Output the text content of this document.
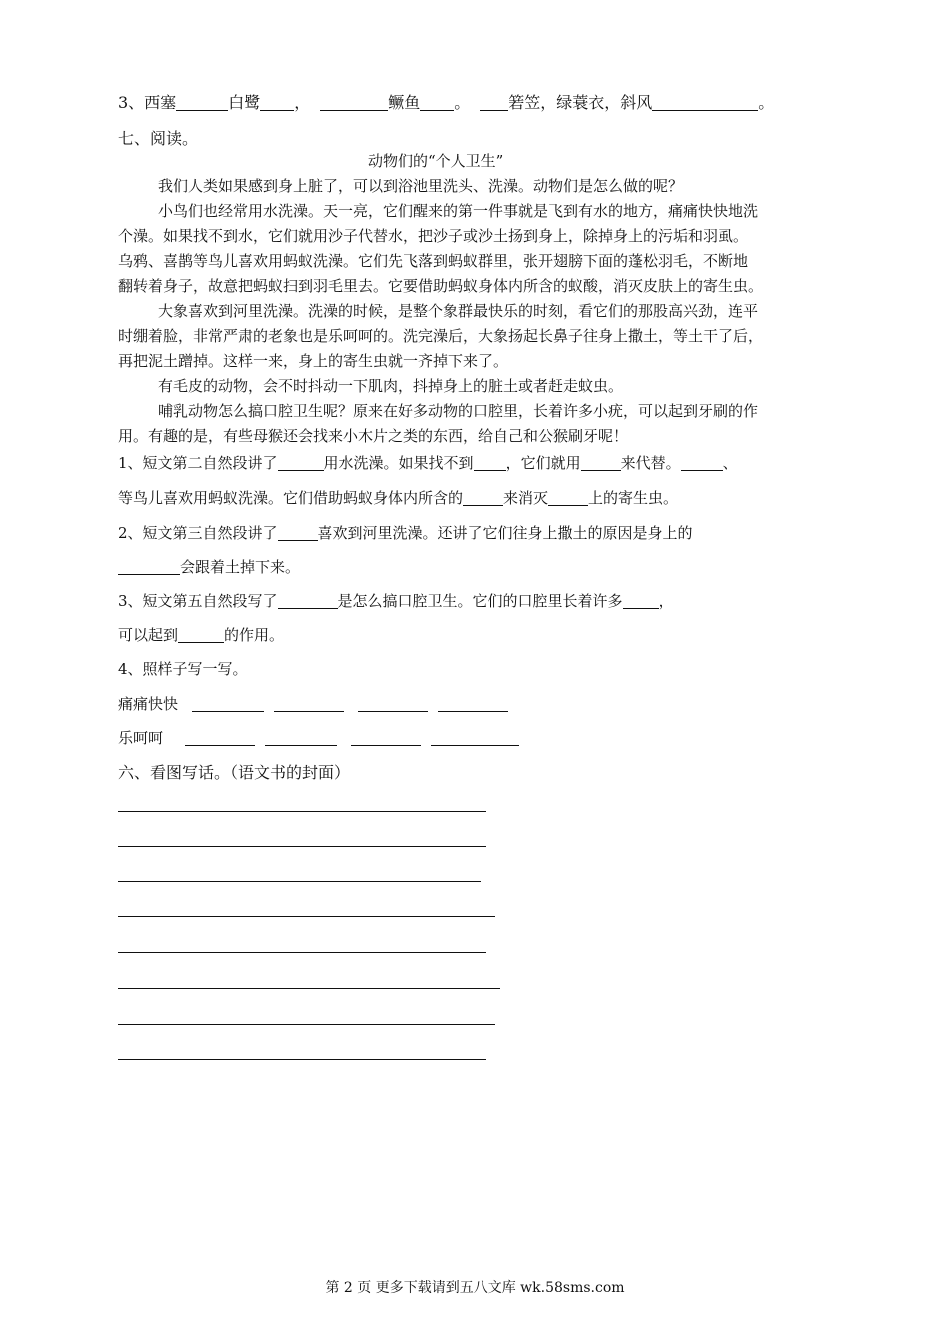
3、西塞	白鹭 ，	鳜鱼 。 箬笠，绿蓑衣，斜风	。
七、阅读。
动物们的“个人卫生”
我们人类如果感到身上脏了，可以到浴池里洗头、洗澡。动物们是怎么做的呢？
小鸟们也经常用水洗澡。天一亮，它们醒来的第一件事就是飞到有水的地方，痛痛快快地洗
个澡。如果找不到水，它们就用沙子代替水，把沙子或沙土扬到身上，除掉身上的污垢和羽虱。
乌鸦、喜鹊等鸟儿喜欢用蚂蚁洗澡。它们先飞落到蚂蚁群里，张开翅膀下面的蓬松羽毛，不断地
翻转着身子，故意把蚂蚁扫到羽毛里去。它要借助蚂蚁身体内所含的蚁酸，消灭皮肤上的寄生虫。
大象喜欢到河里洗澡。洗澡的时候，是整个象群最快乐的时刻，看它们的那股高兴劲，连平
时绷着脸，非常严肃的老象也是乐呵呵的。洗完澡后，大象扬起长鼻子往身上撒土，等土干了后，
再把泥土蹭掉。这样一来，身上的寄生虫就一齐掉下来了。
有毛皮的动物，会不时抖动一下肌肉，抖掉身上的脏土或者赶走蚊虫。
哺乳动物怎么搞口腔卫生呢？原来在好多动物的口腔里，长着许多小疣，可以起到牙刷的作
用。有趣的是，有些母猴还会找来小木片之类的东西，给自己和公猴刷牙呢！
1、短文第二自然段讲了	用水洗澡。如果找不到 ，它们就用	来代替。	、
等鸟儿喜欢用蚂蚁洗澡。它们借助蚂蚁身体内所含的	来消灭	上的寄生虫。
2、短文第三自然段讲了	喜欢到河里洗澡。还讲了它们往身上撒土的原因是身上的
会跟着土掉下来。
3、短文第五自然段写了	是怎么搞口腔卫生。它们的口腔里长着许多 ，
可以起到	的作用。
4、照样子写一写。
痛痛快快
乐呵呵
六、看图写话。（语文书的封面）
第 2 页 更多下载请到五八文库 wk.58sms.com
